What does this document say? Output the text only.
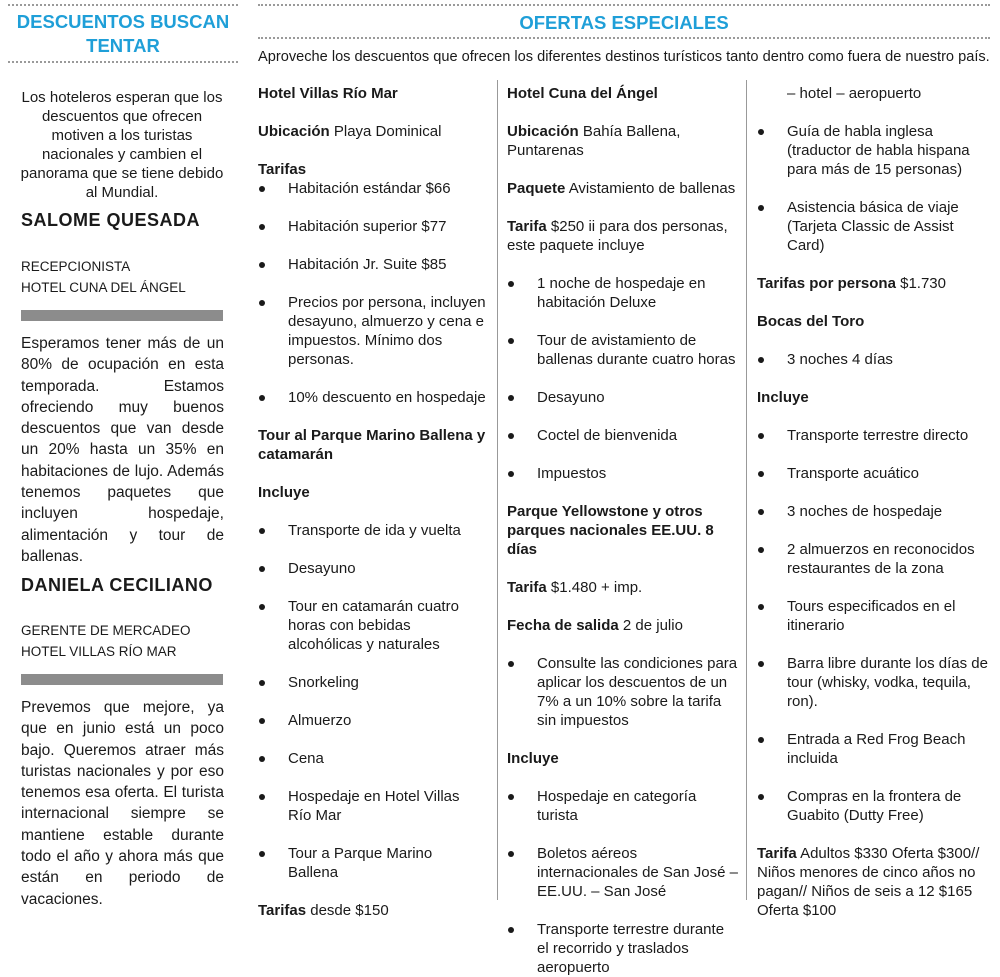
DESCUENTOS BUSCAN TENTAR
Los hoteleros esperan que los descuentos que ofrecen motiven a los turistas nacionales y cambien el panorama que se tiene debido al Mundial.
SALOME QUESADA
RECEPCIONISTA
HOTEL CUNA DEL ÁNGEL
Esperamos tener más de un 80% de ocupación en esta temporada. Estamos ofreciendo muy buenos descuentos que van desde un 20% hasta un 35% en habitaciones de lujo. Además tenemos paquetes que incluyen hospedaje, alimentación y tour de ballenas.
DANIELA CECILIANO
GERENTE DE MERCADEO
HOTEL VILLAS RÍO MAR
Prevemos que mejore, ya que en junio está un poco bajo. Queremos atraer más turistas nacionales y por eso tenemos esa oferta. El turista internacional siempre se mantiene estable durante todo el año y ahora más que están en periodo de vacaciones.
OFERTAS ESPECIALES
Aproveche los descuentos que ofrecen los diferentes destinos turísticos tanto dentro como fuera de nuestro país.
Hotel Villas Río Mar
Ubicación Playa Dominical
Tarifas
Habitación estándar $66
Habitación superior $77
Habitación Jr. Suite $85
Precios por persona, incluyen desayuno, almuerzo y cena e impuestos. Mínimo dos personas.
10% descuento en hospedaje
Tour al Parque Marino Ballena y catamarán
Incluye
Transporte de ida y vuelta
Desayuno
Tour en catamarán cuatro horas con bebidas alcohólicas y naturales
Snorkeling
Almuerzo
Cena
Hospedaje en Hotel Villas Río Mar
Tour a Parque Marino Ballena
Tarifas desde $150
Hotel Cuna del Ángel
Ubicación Bahía Ballena, Puntarenas
Paquete Avistamiento de ballenas
Tarifa $250 ii para dos personas, este paquete incluye
1 noche de hospedaje en habitación Deluxe
Tour de avistamiento de ballenas durante cuatro horas
Desayuno
Coctel de bienvenida
Impuestos
Parque Yellowstone y otros parques nacionales EE.UU. 8 días
Tarifa $1.480 + imp.
Fecha de salida 2 de julio
Consulte las condiciones para aplicar los descuentos de un 7% a un 10% sobre la tarifa sin impuestos
Incluye
Hospedaje en categoría turista
Boletos aéreos internacionales de San José – EE.UU. – San José
Transporte terrestre durante el recorrido y traslados aeropuerto
– hotel – aeropuerto
Guía de habla inglesa (traductor de habla hispana para más de 15 personas)
Asistencia básica de viaje (Tarjeta Classic de Assist Card)
Tarifas por persona $1.730
Bocas del Toro
3 noches 4 días
Incluye
Transporte terrestre directo
Transporte acuático
3 noches de hospedaje
2 almuerzos en reconocidos restaurantes de la zona
Tours especificados en el itinerario
Barra libre durante los días de tour (whisky, vodka, tequila, ron).
Entrada a Red Frog Beach incluida
Compras en la frontera de Guabito (Dutty Free)
Tarifa Adultos $330 Oferta $300// Niños menores de cinco años no pagan// Niños de seis a 12 $165 Oferta $100
